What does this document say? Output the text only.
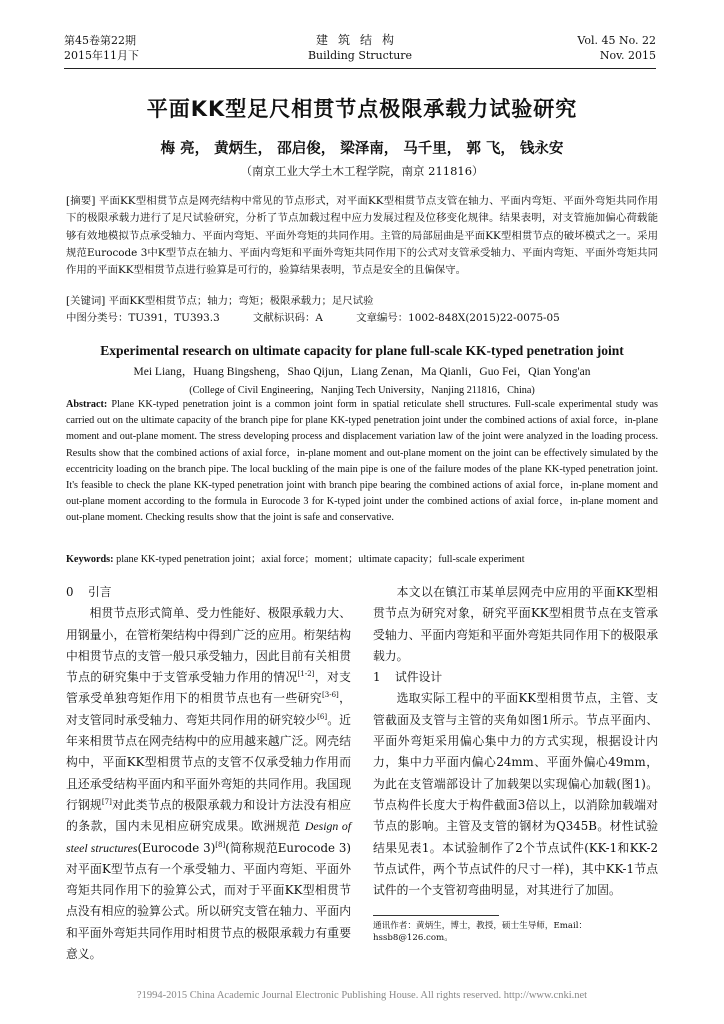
第45卷第22期
2015年11月下
建筑结构
Building Structure
Vol. 45 No. 22
Nov. 2015
平面KK型足尺相贯节点极限承载力试验研究
梅 亮， 黄炳生， 邵启俊， 梁泽南， 马千里， 郭 飞， 钱永安
（南京工业大学土木工程学院，南京 211816）
[摘要] 平面KK型相贯节点是网壳结构中常见的节点形式，对平面KK型相贯节点支管在轴力、平面内弯矩、平面外弯矩共同作用下的极限承载力进行了足尺试验研究，分析了节点加载过程中应力发展过程及位移变化规律。结果表明，对支管施加偏心荷载能够有效地模拟节点承受轴力、平面内弯矩、平面外弯矩的共同作用。主管的局部屈曲是平面KK型相贯节点的破坏模式之一。采用规范Eurocode 3中K型节点在轴力、平面内弯矩和平面外弯矩共同作用下的公式对支管承受轴力、平面内弯矩、平面外弯矩共同作用的平面KK型相贯节点进行验算是可行的，验算结果表明，节点是安全的且偏保守。
[关键词] 平面KK型相贯节点；轴力；弯矩；极限承载力；足尺试验
中图分类号：TU391，TU393.3	文献标识码：A	文章编号：1002-848X(2015)22-0075-05
Experimental research on ultimate capacity for plane full-scale KK-typed penetration joint
Mei Liang，Huang Bingsheng，Shao Qijun，Liang Zenan，Ma Qianli，Guo Fei，Qian Yong'an
(College of Civil Engineering，Nanjing Tech University，Nanjing 211816，China)
Abstract: Plane KK-typed penetration joint is a common joint form in spatial reticulate shell structures. Full-scale experimental study was carried out on the ultimate capacity of the branch pipe for plane KK-typed penetration joint under the combined actions of axial force，in-plane moment and out-plane moment. The stress developing process and displacement variation law of the joint were analyzed in the loading process. Results show that the combined actions of axial force，in-plane moment and out-plane moment on the joint can be effectively simulated by the eccentricity loading on the branch pipe. The local buckling of the main pipe is one of the failure modes of the plane KK-typed penetration joint. It's feasible to check the plane KK-typed penetration joint with branch pipe bearing the combined actions of axial force，in-plane moment and out-plane moment according to the formula in Eurocode 3 for K-typed joint under the combined actions of axial force，in-plane moment and out-plane moment. Checking results show that the joint is safe and conservative.
Keywords: plane KK-typed penetration joint；axial force；moment；ultimate capacity；full-scale experiment
0 引言

相贯节点形式简单、受力性能好、极限承载力大、用钢量小，在管桁架结构中得到广泛的应用。桁架结构中相贯节点的支管一般只承受轴力，因此目前有关相贯节点的研究集中于支管承受轴力作用的情况[1-2]，对支管承受单独弯矩作用下的相贯节点也有一些研究[3-6]，对支管同时承受轴力、弯矩共同作用的研究较少[6]。近年来相贯节点在网壳结构中的应用越来越广泛。网壳结构中，平面KK型相贯节点的支管不仅承受轴力作用而且还承受结构平面内和平面外弯矩的共同作用。我国现行钢规[7]对此类节点的极限承载力和设计方法没有相应的条款，国内未见相应研究成果。欧洲规范 Design of steel structures(Eurocode 3)[8](简称规范Eurocode 3)对平面K型节点有一个承受轴力、平面内弯矩、平面外弯矩共同作用下的验算公式，而对于平面KK型相贯节点没有相应的验算公式。所以研究支管在轴力、平面内和平面外弯矩共同作用时相贯节点的极限承载力有重要意义。

本文以在镇江市某单层网壳中应用的平面KK型相贯节点为研究对象，研究平面KK型相贯节点在支管承受轴力、平面内弯矩和平面外弯矩共同作用下的极限承载力。

1 试件设计

选取实际工程中的平面KK型相贯节点，主管、支管截面及支管与主管的夹角如图1所示。节点平面内、平面外弯矩采用偏心集中力的方式实现，根据设计内力，集中力平面内偏心24mm、平面外偏心49mm，为此在支管端部设计了加载架以实现偏心加载(图1)。节点构件长度大于构件截面3倍以上，以消除加载端对节点的影响。主管及支管的钢材为Q345B。材性试验结果见表1。本试验制作了2个节点试件(KK-1和KK-2节点试件，两个节点试件的尺寸一样)，其中KK-1节点试件的一个支管初弯曲明显，对其进行了加固。

通讯作者：黄炳生，博士，教授，硕士生导师，Email：hssb8@126.com。
?1994-2015 China Academic Journal Electronic Publishing House. All rights reserved. http://www.cnki.net
